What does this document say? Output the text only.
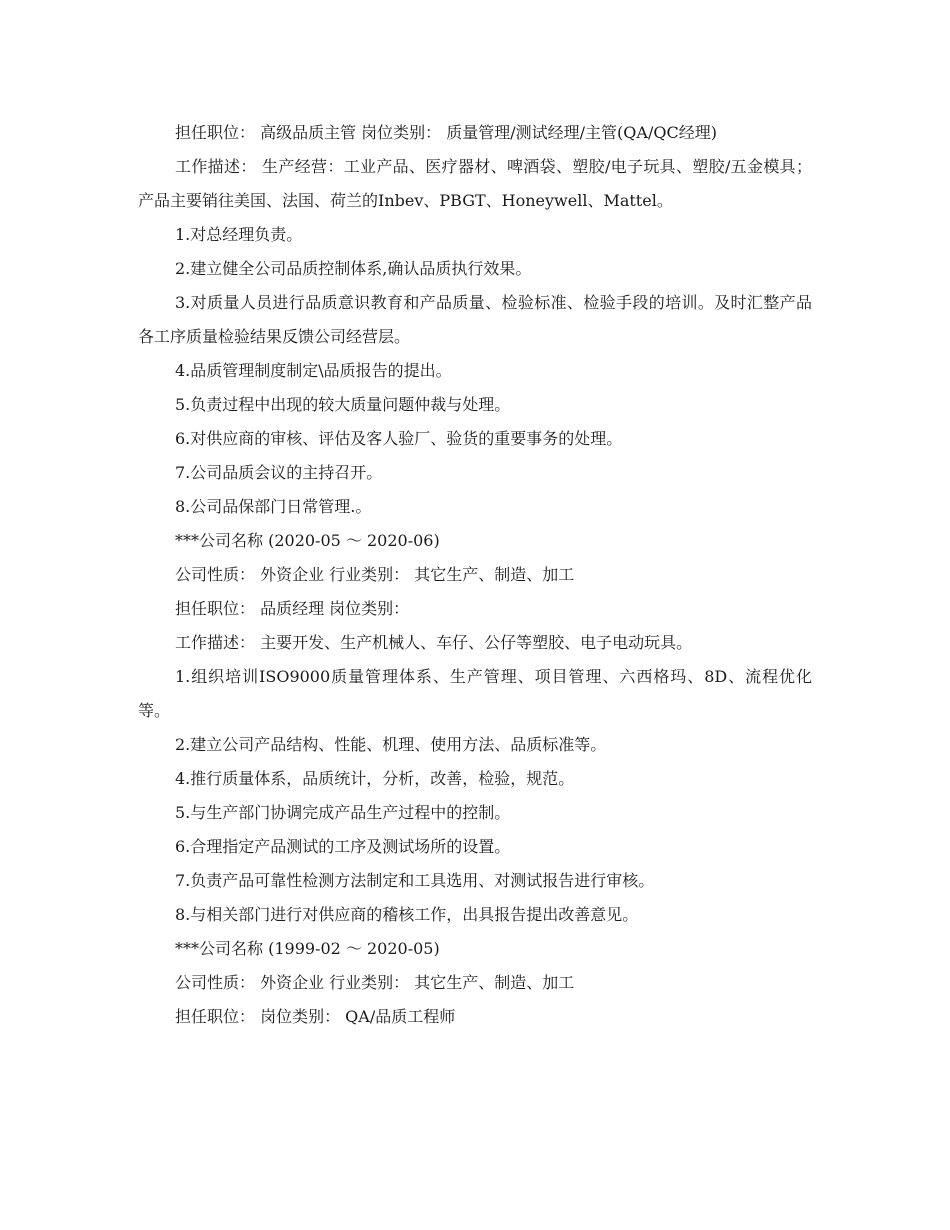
担任职位： 高级品质主管 岗位类别： 质量管理/测试经理/主管(QA/QC经理)

工作描述： 生产经营：工业产品、医疗器材、啤酒袋、塑胶/电子玩具、塑胶/五金模具；产品主要销往美国、法国、荷兰的Inbev、PBGT、Honeywell、Mattel。

1.对总经理负责。

2.建立健全公司品质控制体系,确认品质执行效果。

3.对质量人员进行品质意识教育和产品质量、检验标准、检验手段的培训。及时汇整产品各工序质量检验结果反馈公司经营层。

4.品质管理制度制定\品质报告的提出。

5.负责过程中出现的较大质量问题仲裁与处理。

6.对供应商的审核、评估及客人验厂、验货的重要事务的处理。

7.公司品质会议的主持召开。

8.公司品保部门日常管理.。

***公司名称 (2020-05 ～ 2020-06)

公司性质： 外资企业 行业类别： 其它生产、制造、加工

担任职位： 品质经理 岗位类别：

工作描述： 主要开发、生产机械人、车仔、公仔等塑胶、电子电动玩具。

1.组织培训ISO9000质量管理体系、生产管理、项目管理、六西格玛、8D、流程优化等。

2.建立公司产品结构、性能、机理、使用方法、品质标准等。

4.推行质量体系，品质统计，分析，改善，检验，规范。

5.与生产部门协调完成产品生产过程中的控制。

6.合理指定产品测试的工序及测试场所的设置。

7.负责产品可靠性检测方法制定和工具选用、对测试报告进行审核。

8.与相关部门进行对供应商的稽核工作，出具报告提出改善意见。

***公司名称 (1999-02 ～ 2020-05)

公司性质： 外资企业 行业类别： 其它生产、制造、加工

担任职位： 岗位类别： QA/品质工程师
